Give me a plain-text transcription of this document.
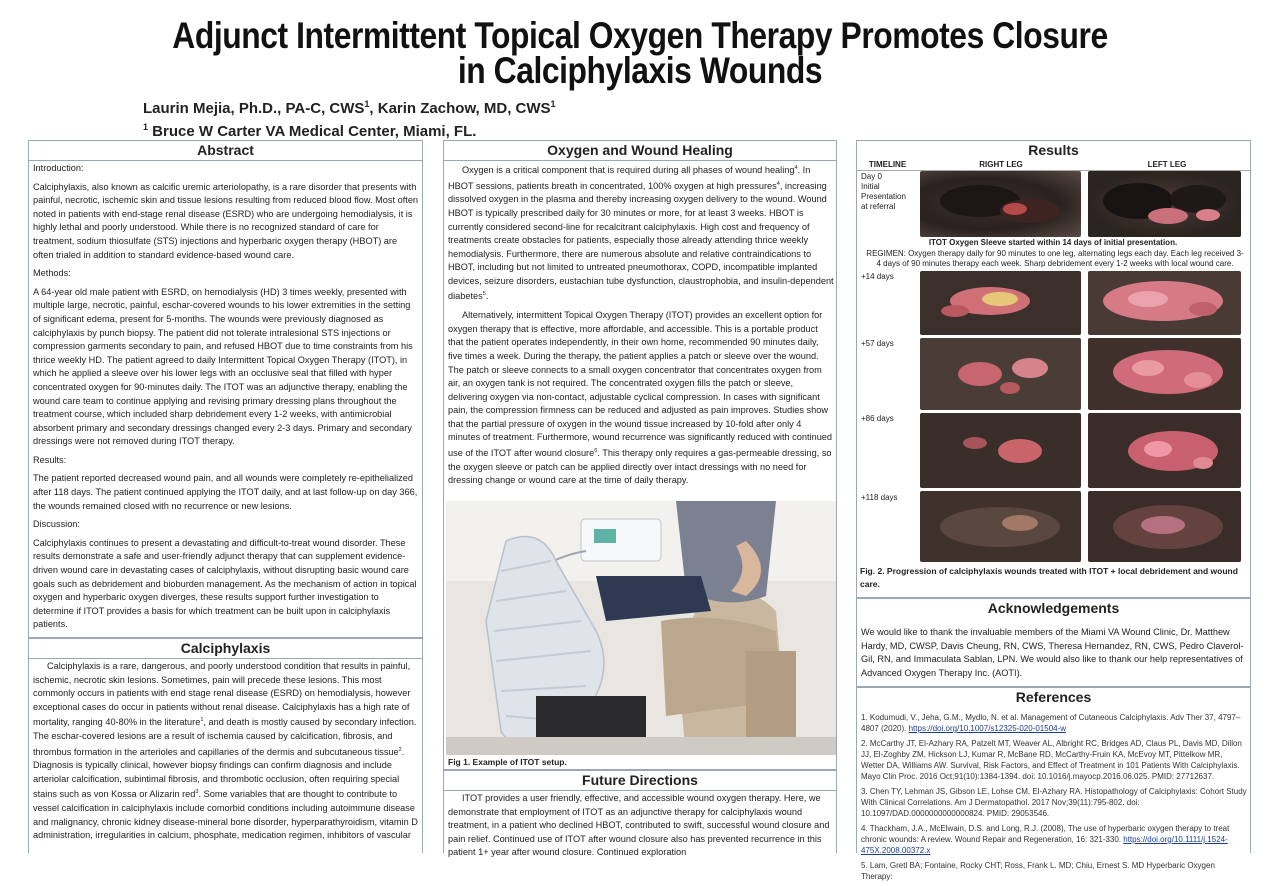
Adjunct Intermittent Topical Oxygen Therapy Promotes Closure
in Calciphylaxis Wounds
Laurin Mejia, Ph.D., PA-C, CWS$^1$, Karin Zachow, MD, CWS$^1$
$^1$ Bruce W Carter VA Medical Center, Miami, FL.
Abstract

Introduction:

Calciphylaxis, also known as calcific uremic arteriolopathy, is a rare disorder that presents with painful, necrotic, ischemic skin and tissue lesions resulting from reduced blood flow. Most often noted in patients with end-stage renal disease (ESRD) who are undergoing hemodialysis, it is highly lethal and poorly understood. While there is no recognized standard of care for treatment, sodium thiosulfate (STS) injections and hyperbaric oxygen therapy (HBOT) are often trialed in addition to standard evidence-based wound care.

Methods:

A 64-year old male patient with ESRD, on hemodialysis (HD) 3 times weekly, presented with multiple large, necrotic, painful, eschar-covered wounds to his lower extremities in the setting of significant edema, present for 5-months. The wounds were previously diagnosed as calciphylaxis by punch biopsy. The patient did not tolerate intralesional STS injections or compression garments secondary to pain, and refused HBOT due to time constraints from his thrice weekly HD. The patient agreed to daily Intermittent Topical Oxygen Therapy (ITOT), in which he applied a sleeve over his lower legs with an occlusive seal that filled with hyper concentrated oxygen for 90-minutes daily. The ITOT was an adjunctive therapy, enabling the wound care team to continue applying and revising primary dressing plans throughout the treatment course, which included sharp debridement every 1-2 weeks, with antimicrobial absorbent primary and secondary dressings changed every 2-3 days. Primary and secondary dressings were not removed during ITOT therapy.

Results:

The patient reported decreased wound pain, and all wounds were completely re-epithelialized after 118 days. The patient continued applying the ITOT daily, and at last follow-up on day 366, the wounds remained closed with no recurrence or new lesions.

Discussion:

Calciphylaxis continues to present a devastating and difficult-to-treat wound disorder. These results demonstrate a safe and user-friendly adjunct therapy that can supplement evidence-driven wound care in devastating cases of calciphylaxis, without disrupting basic wound care goals such as debridement and bioburden management. As the mechanism of action in topical oxygen and hyperbaric oxygen diverges, these results support further investigation to determine if ITOT provides a basis for which treatment can be built upon in calciphylaxis patients.

Calciphylaxis
Calciphylaxis is a rare, dangerous, and poorly understood condition that results in painful, ischemic, necrotic skin lesions. Sometimes, pain will precede these lesions. This most commonly occurs in patients with end stage renal disease (ESRD) on hemodialysis, however exceptional cases do occur in patients without renal disease. Calciphylaxis has a high rate of mortality, ranging 40-80% in the literature$^1$, and death is mostly caused by secondary infection. The eschar-covered lesions are a result of ischemia caused by calcification, fibrosis, and thrombus formation in the arterioles and capillaries of the dermis and subcutaneous tissue$^2$. Diagnosis is typically clinical, however biopsy findings can confirm diagnosis and include arteriolar calcification, subintimal fibrosis, and thrombotic occlusion, often requiring special stains such as von Kossa or Alizarin red$^3$. Some variables that are thought to contribute to vessel calcification in calciphylaxis include comorbid conditions including autoimmune disease and malignancy, chronic kidney disease-mineral bone disorder, hyperparathyroidism, vitamin D administration, irregularities in calcium, phosphate, medication regimen, inhibitors of vascular
Oxygen and Wound Healing

Oxygen is a critical component that is required during all phases of wound healing$^4$. In HBOT sessions, patients breath in concentrated, 100% oxygen at high pressures$^4$, increasing dissolved oxygen in the plasma and thereby increasing oxygen delivery to the wound. Wound HBOT is typically prescribed daily for 30 minutes or more, for at least 3 weeks. HBOT is currently considered second-line for recalcitrant calciphylaxis. High cost and frequency of treatments create obstacles for patients, especially those already attending thrice weekly hemodialysis. Furthermore, there are numerous absolute and relative contraindications to HBOT, including but not limited to untreated pneumothorax, COPD, incompatible implanted devices, seizure disorders, eustachian tube dysfunction, claustrophobia, and insulin-dependent diabetes$^5$.

Alternatively, intermittent Topical Oxygen Therapy (ITOT) provides an excellent option for oxygen therapy that is effective, more affordable, and accessible. This is a portable product that the patient operates independently, in their own home, recommended 90 minutes daily, five times a week. During the therapy, the patient applies a patch or sleeve over the wound. The patch or sleeve connects to a small oxygen concentrator that concentrates oxygen from air, an oxygen tank is not required. The concentrated oxygen fills the patch or sleeve, delivering oxygen via non-contact, adjustable cyclical compression. In cases with significant pain, the compression firmness can be reduced and adjusted as pain improves. Studies show that the partial pressure of oxygen in the wound tissue increased by 10-fold after only 4 minutes of treatment. Furthermore, wound recurrence was significantly reduced with continued use of the ITOT after wound closure$^6$. This therapy only requires a gas-permeable dressing, so the oxygen sleeve or patch can be applied directly over intact dressings with no need for dressing change or wound care at the time of daily therapy.

Fig 1. Example of ITOT setup.
Future Directions
ITOT provides a user friendly, effective, and accessible wound oxygen therapy. Here, we demonstrate that employment of ITOT as an adjunctive therapy for calciphylaxis wound treatment, in a patient who declined HBOT, contributed to swift, successful wound closure and pain relief. Continued use of ITOT after wound closure also has prevented recurrence in this patient 1+ year after wound closure. Continued exploration
Results
TIMELINE	RIGHT LEG	LEFT LEG
Day 0
Initial
Presentation
at referral
ITOT Oxygen Sleeve started within 14 days of initial presentation.
REGIMEN: Oxygen therapy daily for 90 minutes to one leg, alternating legs each day. Each leg received 3-4 days of 90 minutes therapy each week. Sharp debridement every 1-2 weeks with local wound care.
+14 days
+57 days
+86 days
+118 days
Fig. 2. Progression of calciphylaxis wounds treated with ITOT + local debridement and wound care.
Acknowledgements
We would like to thank the invaluable members of the Miami VA Wound Clinic, Dr. Matthew Hardy, MD, CWSP, Davis Cheung, RN, CWS, Theresa Hernandez, RN, CWS, Pedro Claverol-Gil, RN, and Immaculata Sablan, LPN. We would also like to thank our help representatives of Advanced Oxygen Therapy Inc. (AOTI).
References

1. Kodumudi, V., Jeha, G.M., Mydlo, N. et al. Management of Cutaneous Calciphylaxis. Adv Ther 37, 4797–4807 (2020). https://doi.org/10.1007/s12325-020-01504-w

2. McCarthy JT, El-Azhary RA, Patzelt MT, Weaver AL, Albright RC, Bridges AD, Claus PL, Davis MD, Dillon JJ, El-Zoghby ZM, Hickson LJ, Kumar R, McBane RD, McCarthy-Fruin KA, McEvoy MT, Pittelkow MR, Wetter DA, Williams AW. Survival, Risk Factors, and Effect of Treatment in 101 Patients With Calciphylaxis. Mayo Clin Proc. 2016 Oct;91(10):1384-1394. doi: 10.1016/j.mayocp.2016.06.025. PMID: 27712637.

3. Chen TY, Lehman JS, Gibson LE, Lohse CM, El-Azhary RA. Histopathology of Calciphylaxis: Cohort Study With Clinical Correlations. Am J Dermatopathol. 2017 Nov;39(11):795-802. doi: 10.1097/DAD.0000000000000824. PMID: 29053546.

4. Thackham, J.A., McElwain, D.S. and Long, R.J. (2008), The use of hyperbaric oxygen therapy to treat chronic wounds: A review. Wound Repair and Regeneration, 16: 321-330. https://doi.org/10.1111/j.1524-475X.2008.00372.x

5. Lam, Gretl BA; Fontaine, Rocky CHT; Ross, Frank L. MD; Chiu, Ernest S. MD Hyperbaric Oxygen Therapy:
